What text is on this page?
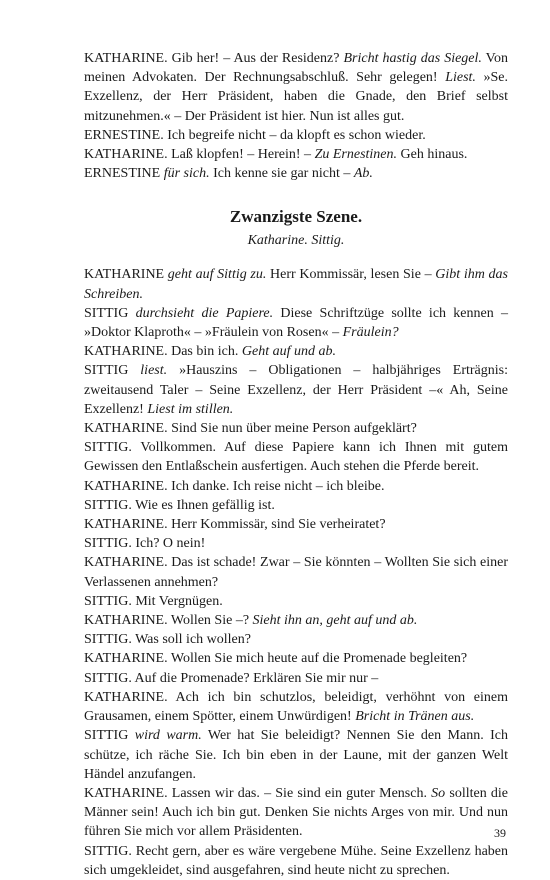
KATHARINE. Gib her! – Aus der Residenz? Bricht hastig das Siegel. Von meinen Advokaten. Der Rechnungsabschluß. Sehr gelegen! Liest. »Se. Exzellenz, der Herr Präsident, haben die Gnade, den Brief selbst mitzunehmen.« – Der Präsident ist hier. Nun ist alles gut.

ERNESTINE. Ich begreife nicht – da klopft es schon wieder.

KATHARINE. Laß klopfen! – Herein! – Zu Ernestinen. Geh hinaus.

ERNESTINE für sich. Ich kenne sie gar nicht – Ab.

Zwanzigste Szene.
Katharine. Sittig.

KATHARINE geht auf Sittig zu. Herr Kommissär, lesen Sie – Gibt ihm das Schreiben.

SITTIG durchsieht die Papiere. Diese Schriftzüge sollte ich kennen – »Doktor Klaproth« – »Fräulein von Rosen« – Fräulein?

KATHARINE. Das bin ich. Geht auf und ab.

SITTIG liest. »Hauszins – Obligationen – halbjähriges Erträgnis: zweitausend Taler – Seine Exzellenz, der Herr Präsident –« Ah, Seine Exzellenz! Liest im stillen.

KATHARINE. Sind Sie nun über meine Person aufgeklärt?

SITTIG. Vollkommen. Auf diese Papiere kann ich Ihnen mit gutem Gewissen den Entlaßschein ausfertigen. Auch stehen die Pferde bereit.

KATHARINE. Ich danke. Ich reise nicht – ich bleibe.

SITTIG. Wie es Ihnen gefällig ist.

KATHARINE. Herr Kommissär, sind Sie verheiratet?

SITTIG. Ich? O nein!

KATHARINE. Das ist schade! Zwar – Sie könnten – Wollten Sie sich einer Verlassenen annehmen?

SITTIG. Mit Vergnügen.

KATHARINE. Wollen Sie –? Sieht ihn an, geht auf und ab.

SITTIG. Was soll ich wollen?

KATHARINE. Wollen Sie mich heute auf die Promenade begleiten?

SITTIG. Auf die Promenade? Erklären Sie mir nur –

KATHARINE. Ach ich bin schutzlos, beleidigt, verhöhnt von einem Grausamen, einem Spötter, einem Unwürdigen! Bricht in Tränen aus.

SITTIG wird warm. Wer hat Sie beleidigt? Nennen Sie den Mann. Ich schütze, ich räche Sie. Ich bin eben in der Laune, mit der ganzen Welt Händel anzufangen.

KATHARINE. Lassen wir das. – Sie sind ein guter Mensch. So sollten die Männer sein! Auch ich bin gut. Denken Sie nichts Arges von mir. Und nun führen Sie mich vor allem Präsidenten.

SITTIG. Recht gern, aber es wäre vergebene Mühe. Seine Exzellenz haben sich umgekleidet, sind ausgefahren, sind heute nicht zu sprechen.

39
